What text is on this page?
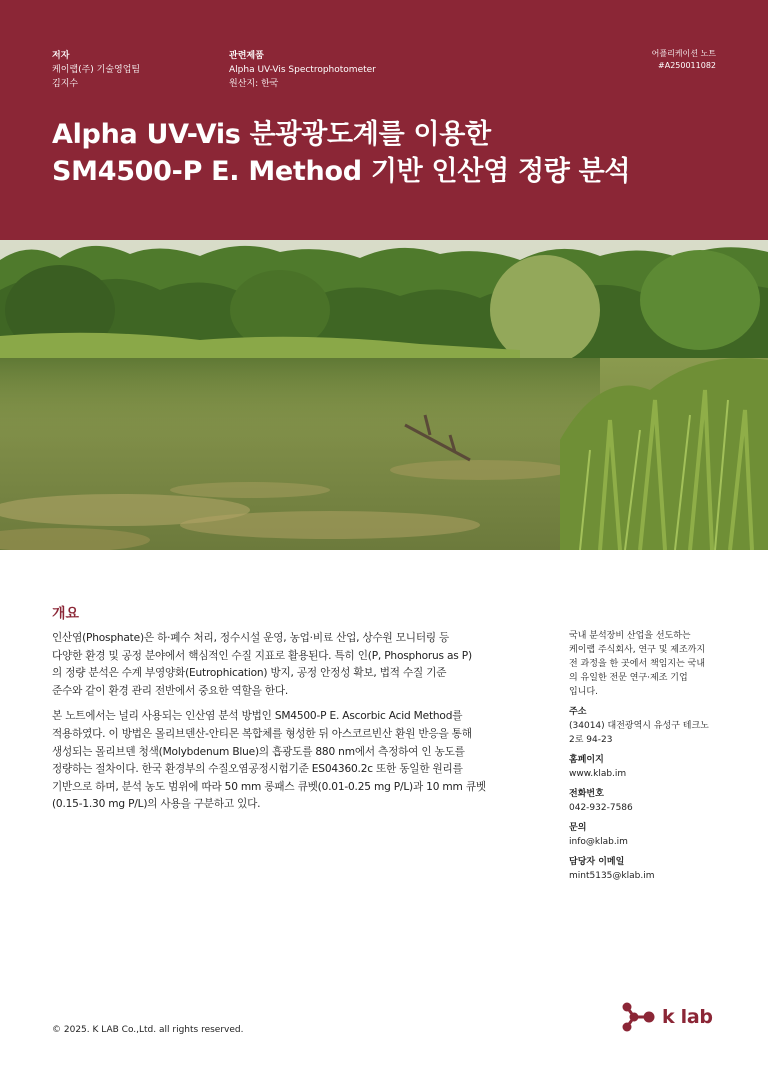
저자
케이랩(주) 기술영업팀
김지수
관련제품
Alpha UV-Vis Spectrophotometer
원산지: 한국
어플리케이션 노트
#A250011082
Alpha UV-Vis 분광광도계를 이용한
SM4500-P E. Method 기반 인산염 정량 분석
개요

인산염(Phosphate)은 하·폐수 처리, 정수시설 운영, 농업·비료 산업, 상수원 모니터링 등
다양한 환경 및 공정 분야에서 핵심적인 수질 지표로 활용된다. 특히 인(P, Phosphorus as P)
의 정량 분석은 수계 부영양화(Eutrophication) 방지, 공정 안정성 확보, 법적 수질 기준
준수와 같이 환경 관리 전반에서 중요한 역할을 한다.

본 노트에서는 널리 사용되는 인산염 분석 방법인 SM4500-P E. Ascorbic Acid Method를
적용하였다. 이 방법은 몰리브덴산-안티몬 복합체를 형성한 뒤 아스코르빈산 환원 반응을 통해
생성되는 몰리브덴 청색(Molybdenum Blue)의 흡광도를 880 nm에서 측정하여 인 농도를
정량하는 절차이다. 한국 환경부의 수질오염공정시험기준 ES04360.2c 또한 동일한 원리를
기반으로 하며, 분석 농도 범위에 따라 50 mm 롱패스 큐벳(0.01-0.25 mg P/L)과 10 mm 큐벳
(0.15-1.30 mg P/L)의 사용을 구분하고 있다.

국내 분석장비 산업을 선도하는
케이랩 주식회사, 연구 및 제조까지
전 과정을 한 곳에서 책임지는 국내
의 유일한 전문 연구·제조 기업
입니다.
주소
(34014) 대전광역시 유성구 테크노
2로 94-23
홈페이지
www.klab.im
전화번호
042-932-7586
문의
info@klab.im
담당자 이메일
mint5135@klab.im
© 2025. K LAB Co.,Ltd. all rights reserved.
k lab
